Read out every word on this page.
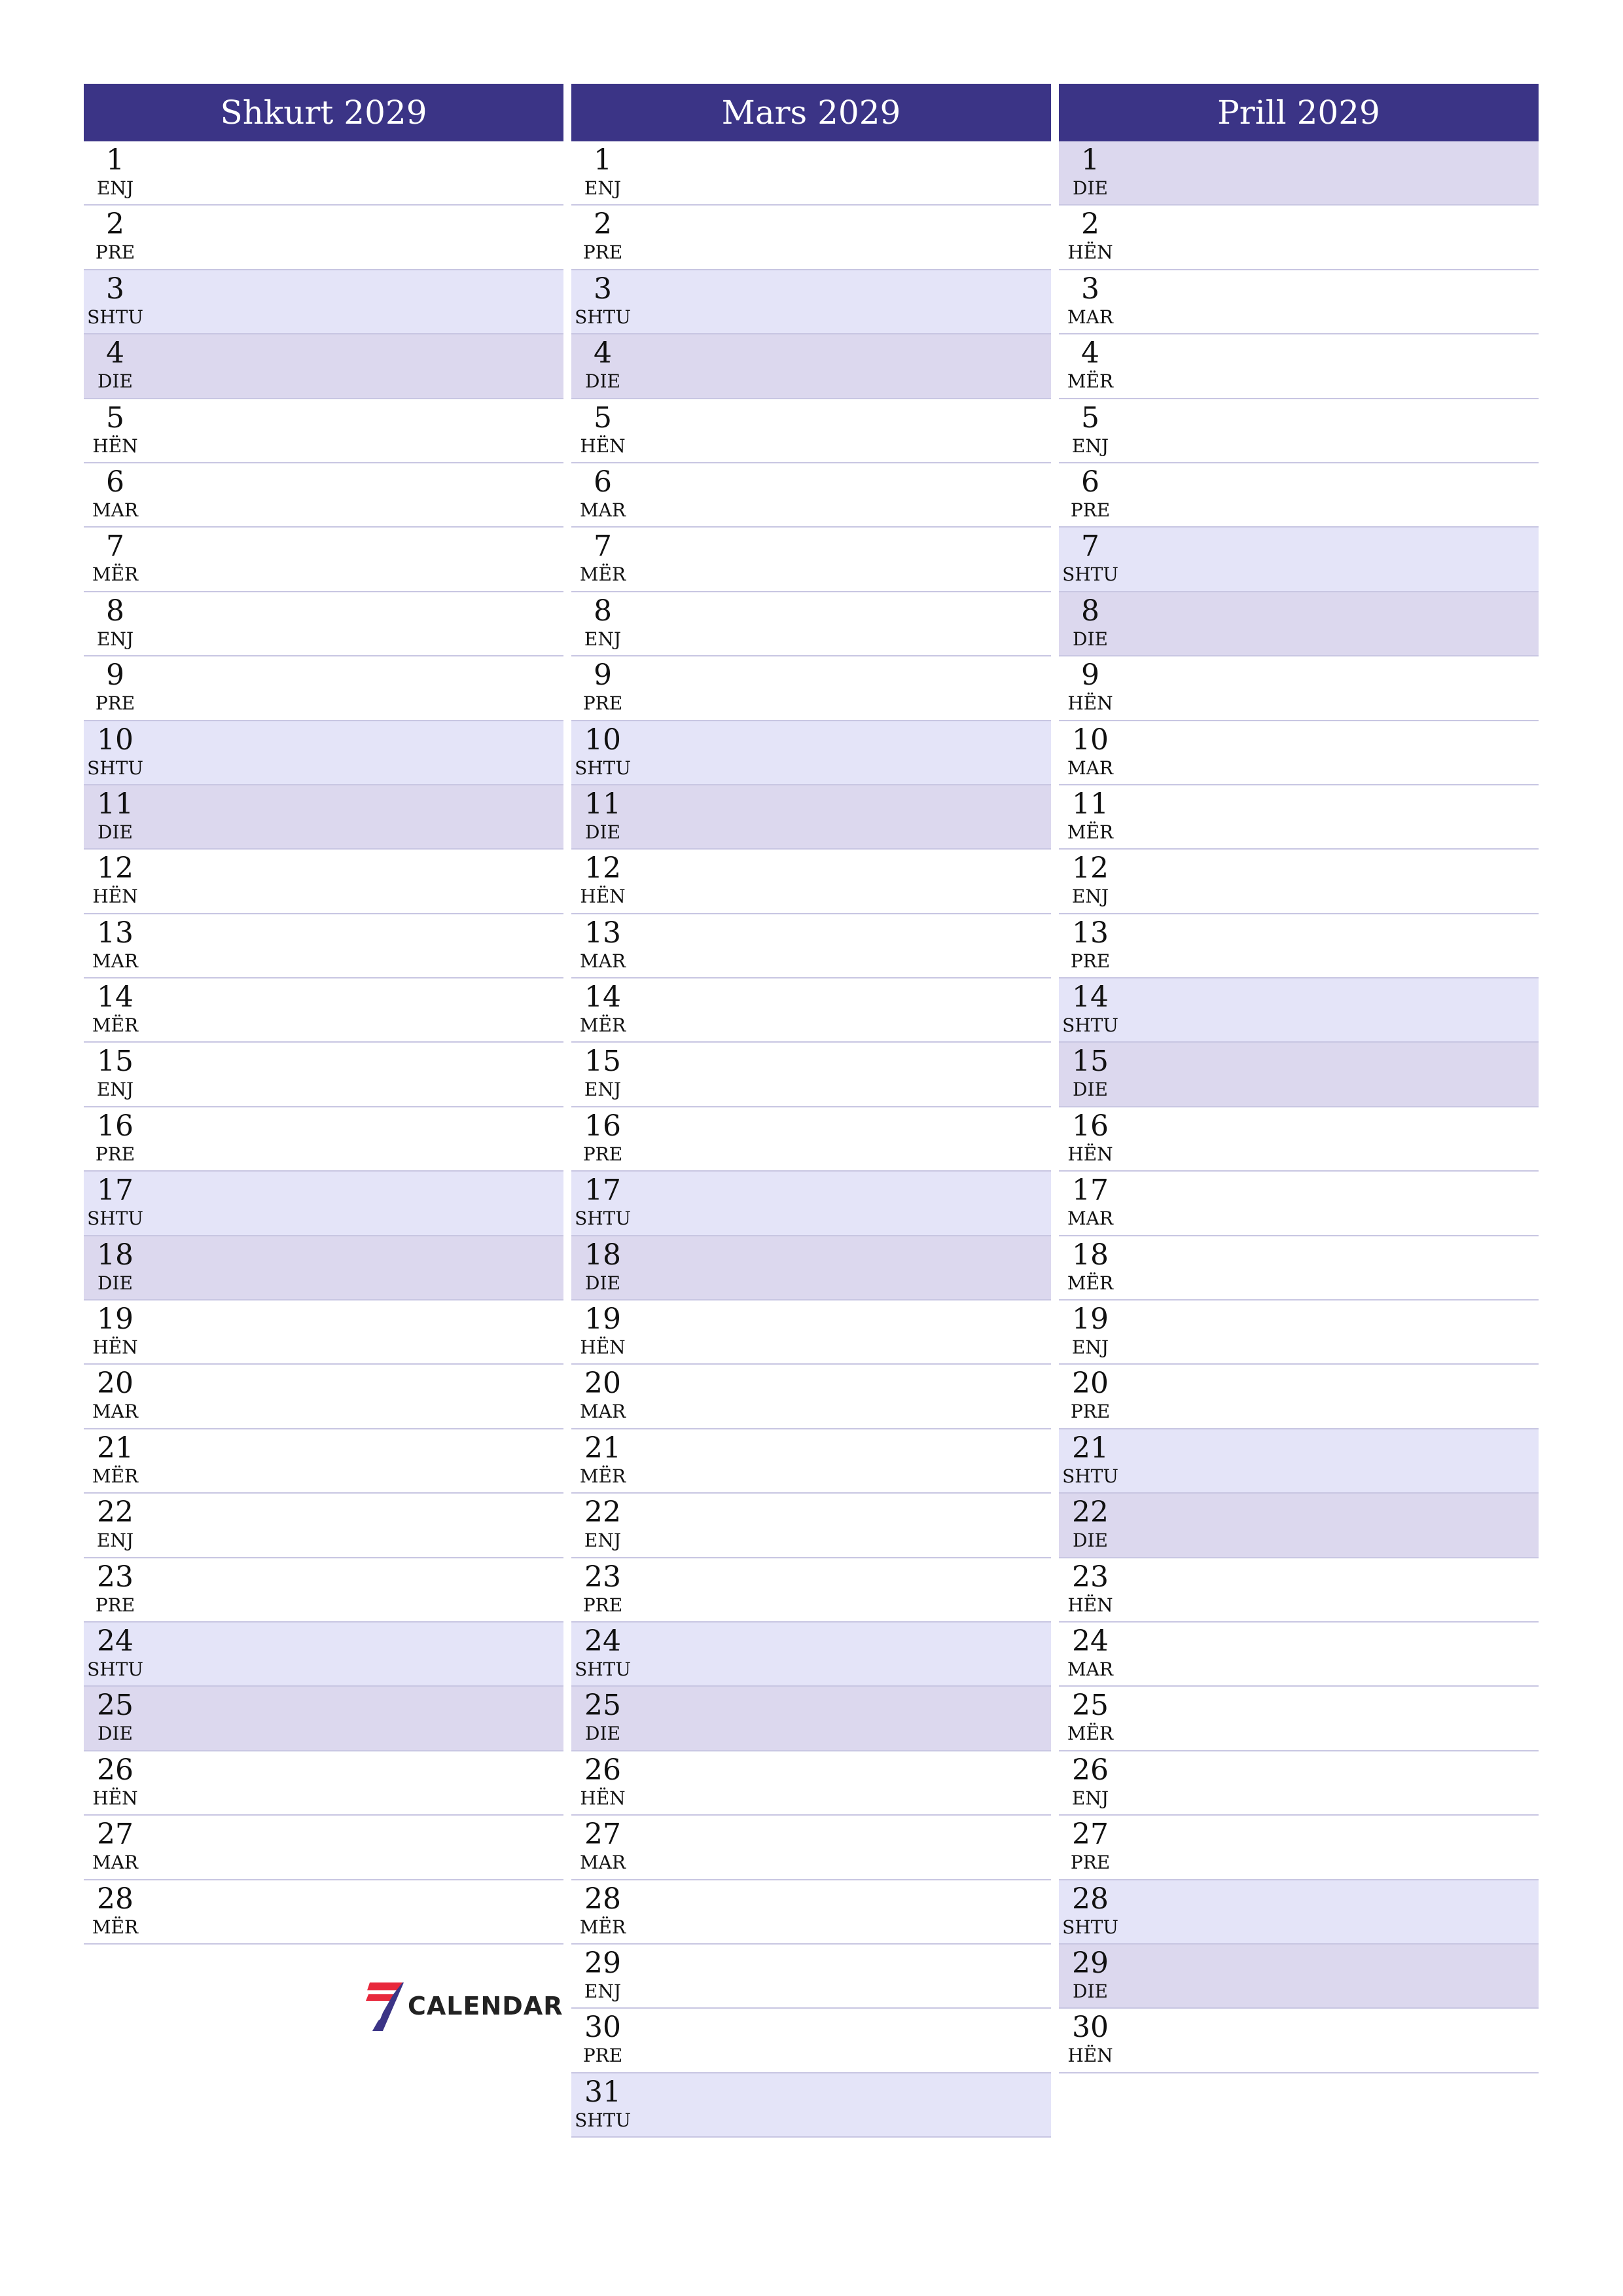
Shkurt 2029
1
ENJ
2
PRE
3
SHTU
4
DIE
5
HËN
6
MAR
7
MËR
8
ENJ
9
PRE
10
SHTU
11
DIE
12
HËN
13
MAR
14
MËR
15
ENJ
16
PRE
17
SHTU
18
DIE
19
HËN
20
MAR
21
MËR
22
ENJ
23
PRE
24
SHTU
25
DIE
26
HËN
27
MAR
28
MËR
Mars 2029
1
ENJ
2
PRE
3
SHTU
4
DIE
5
HËN
6
MAR
7
MËR
8
ENJ
9
PRE
10
SHTU
11
DIE
12
HËN
13
MAR
14
MËR
15
ENJ
16
PRE
17
SHTU
18
DIE
19
HËN
20
MAR
21
MËR
22
ENJ
23
PRE
24
SHTU
25
DIE
26
HËN
27
MAR
28
MËR
29
ENJ
30
PRE
31
SHTU
Prill 2029
1
DIE
2
HËN
3
MAR
4
MËR
5
ENJ
6
PRE
7
SHTU
8
DIE
9
HËN
10
MAR
11
MËR
12
ENJ
13
PRE
14
SHTU
15
DIE
16
HËN
17
MAR
18
MËR
19
ENJ
20
PRE
21
SHTU
22
DIE
23
HËN
24
MAR
25
MËR
26
ENJ
27
PRE
28
SHTU
29
DIE
30
HËN
CALENDAR
